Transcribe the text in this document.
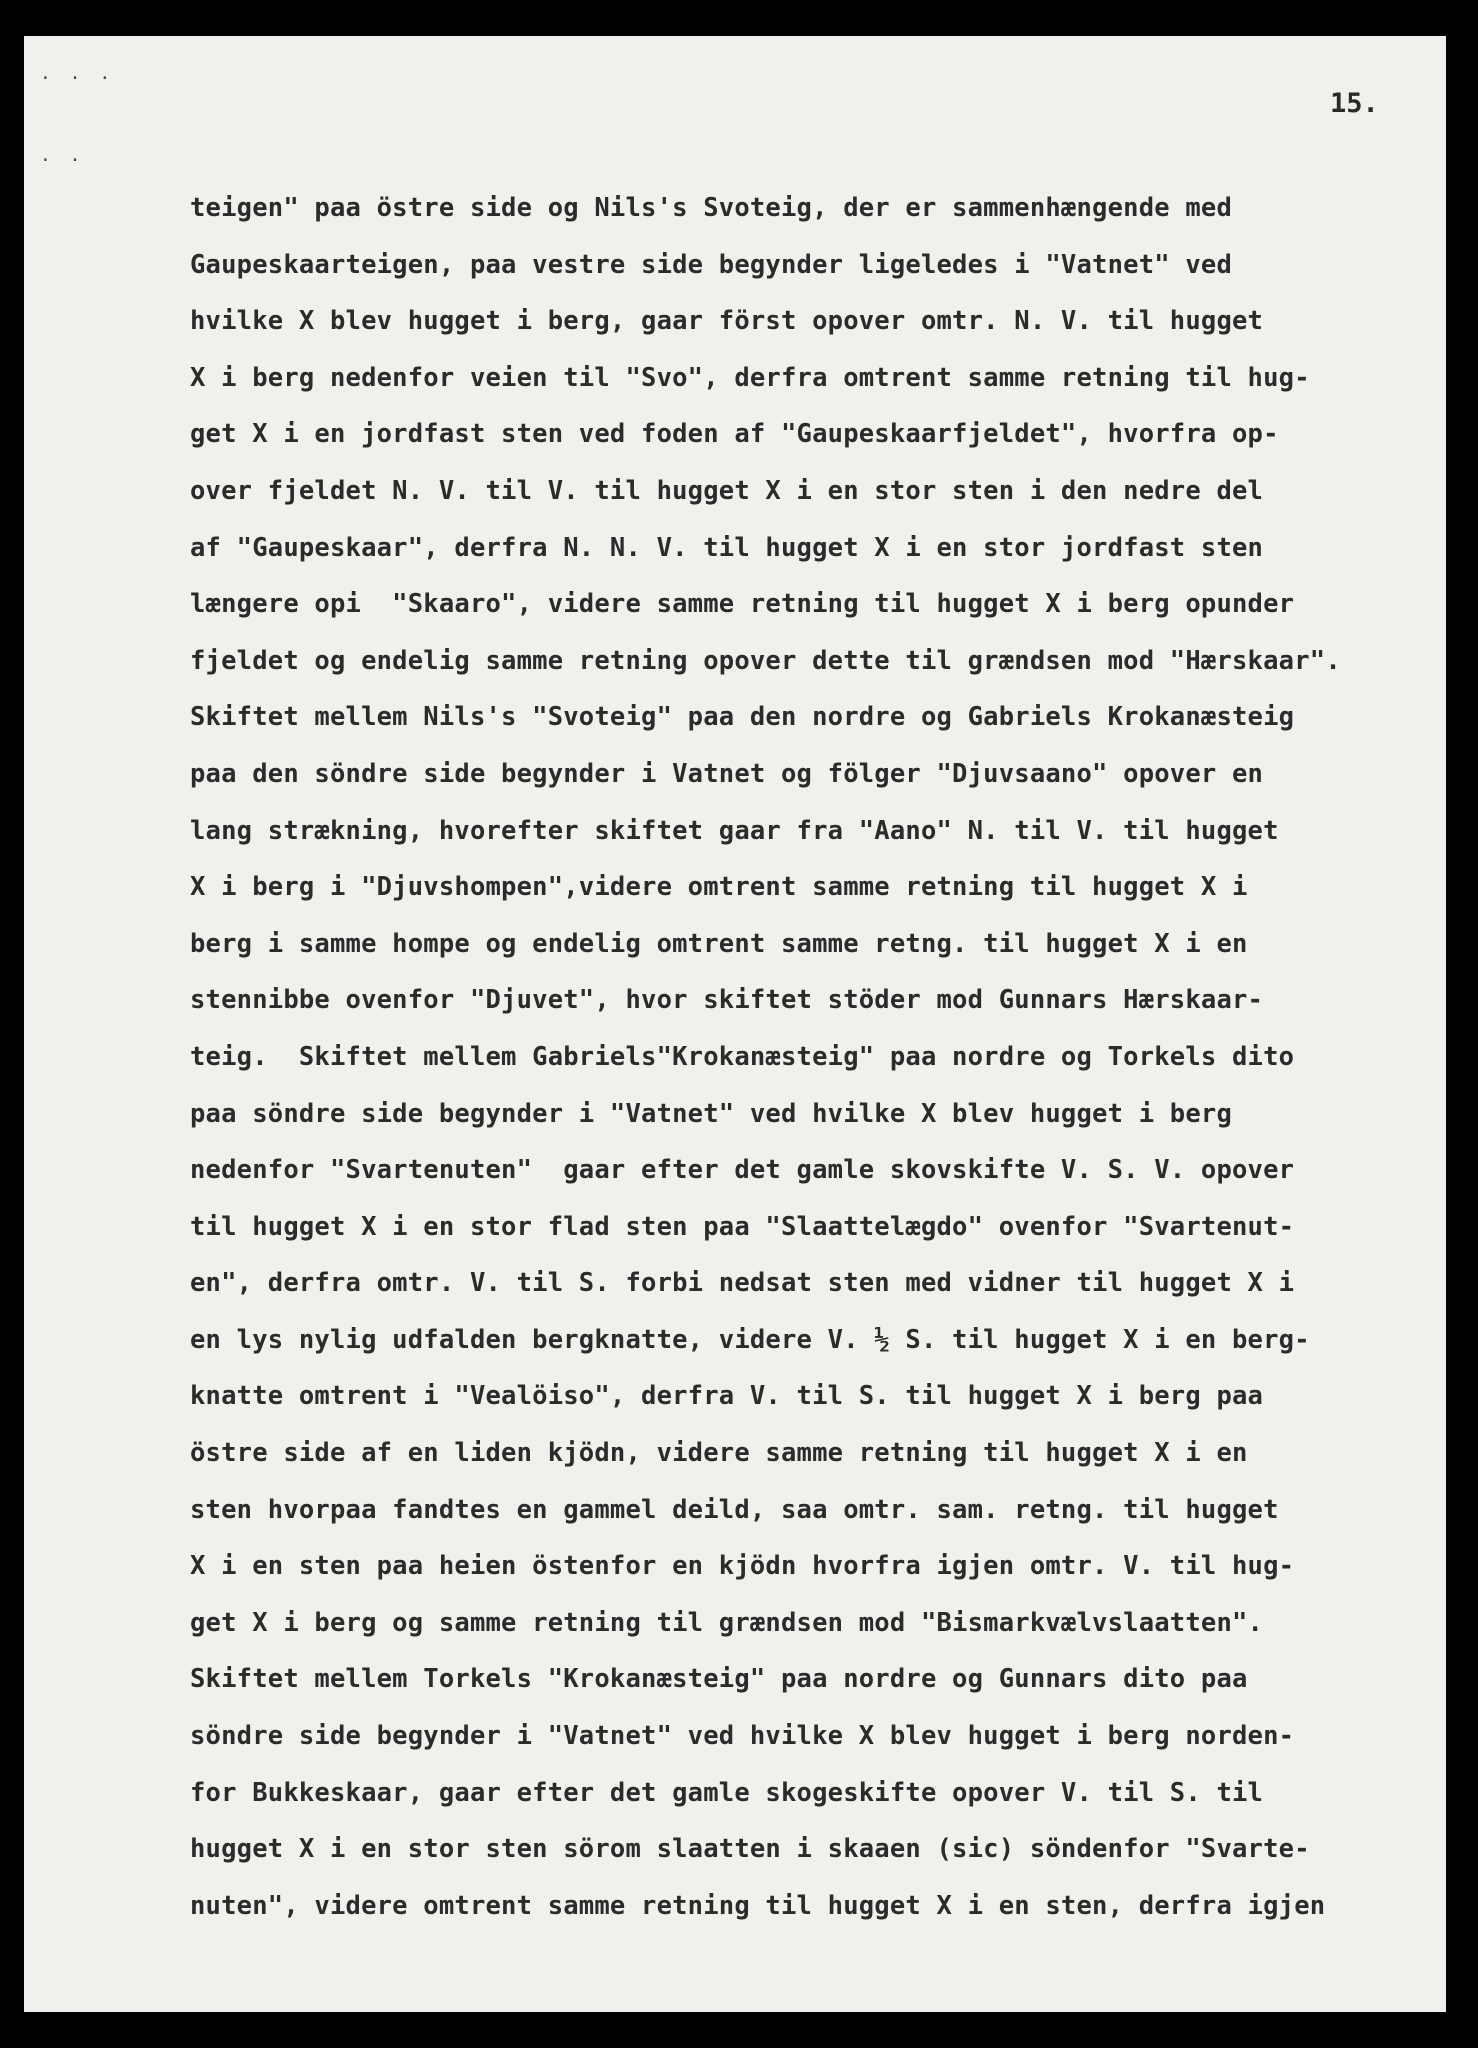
· · ·
· ·
15.
teigen" paa östre side og Nils's Svoteig, der er sammenhængende med
Gaupeskaarteigen, paa vestre side begynder ligeledes i "Vatnet" ved
hvilke X blev hugget i berg, gaar först opover omtr. N. V. til hugget
X i berg nedenfor veien til "Svo", derfra omtrent samme retning til hug-
get X i en jordfast sten ved foden af "Gaupeskaarfjeldet", hvorfra op-
over fjeldet N. V. til V. til hugget X i en stor sten i den nedre del
af "Gaupeskaar", derfra N. N. V. til hugget X i en stor jordfast sten
længere opi  "Skaaro", videre samme retning til hugget X i berg opunder
fjeldet og endelig samme retning opover dette til grændsen mod "Hærskaar".
Skiftet mellem Nils's "Svoteig" paa den nordre og Gabriels Krokanæsteig
paa den söndre side begynder i Vatnet og fölger "Djuvsaano" opover en
lang strækning, hvorefter skiftet gaar fra "Aano" N. til V. til hugget
X i berg i "Djuvshompen",videre omtrent samme retning til hugget X i
berg i samme hompe og endelig omtrent samme retng. til hugget X i en
stennibbe ovenfor "Djuvet", hvor skiftet stöder mod Gunnars Hærskaar-
teig.  Skiftet mellem Gabriels"Krokanæsteig" paa nordre og Torkels dito
paa söndre side begynder i "Vatnet" ved hvilke X blev hugget i berg
nedenfor "Svartenuten"  gaar efter det gamle skovskifte V. S. V. opover
til hugget X i en stor flad sten paa "Slaattelægdo" ovenfor "Svartenut-
en", derfra omtr. V. til S. forbi nedsat sten med vidner til hugget X i
en lys nylig udfalden bergknatte, videre V. ½ S. til hugget X i en berg-
knatte omtrent i "Vealöiso", derfra V. til S. til hugget X i berg paa
östre side af en liden kjödn, videre samme retning til hugget X i en
sten hvorpaa fandtes en gammel deild, saa omtr. sam. retng. til hugget
X i en sten paa heien östenfor en kjödn hvorfra igjen omtr. V. til hug-
get X i berg og samme retning til grændsen mod "Bismarkvælvslaatten".
Skiftet mellem Torkels "Krokanæsteig" paa nordre og Gunnars dito paa
söndre side begynder i "Vatnet" ved hvilke X blev hugget i berg norden-
for Bukkeskaar, gaar efter det gamle skogeskifte opover V. til S. til
hugget X i en stor sten sörom slaatten i skaaen (sic) söndenfor "Svarte-
nuten", videre omtrent samme retning til hugget X i en sten, derfra igjen
